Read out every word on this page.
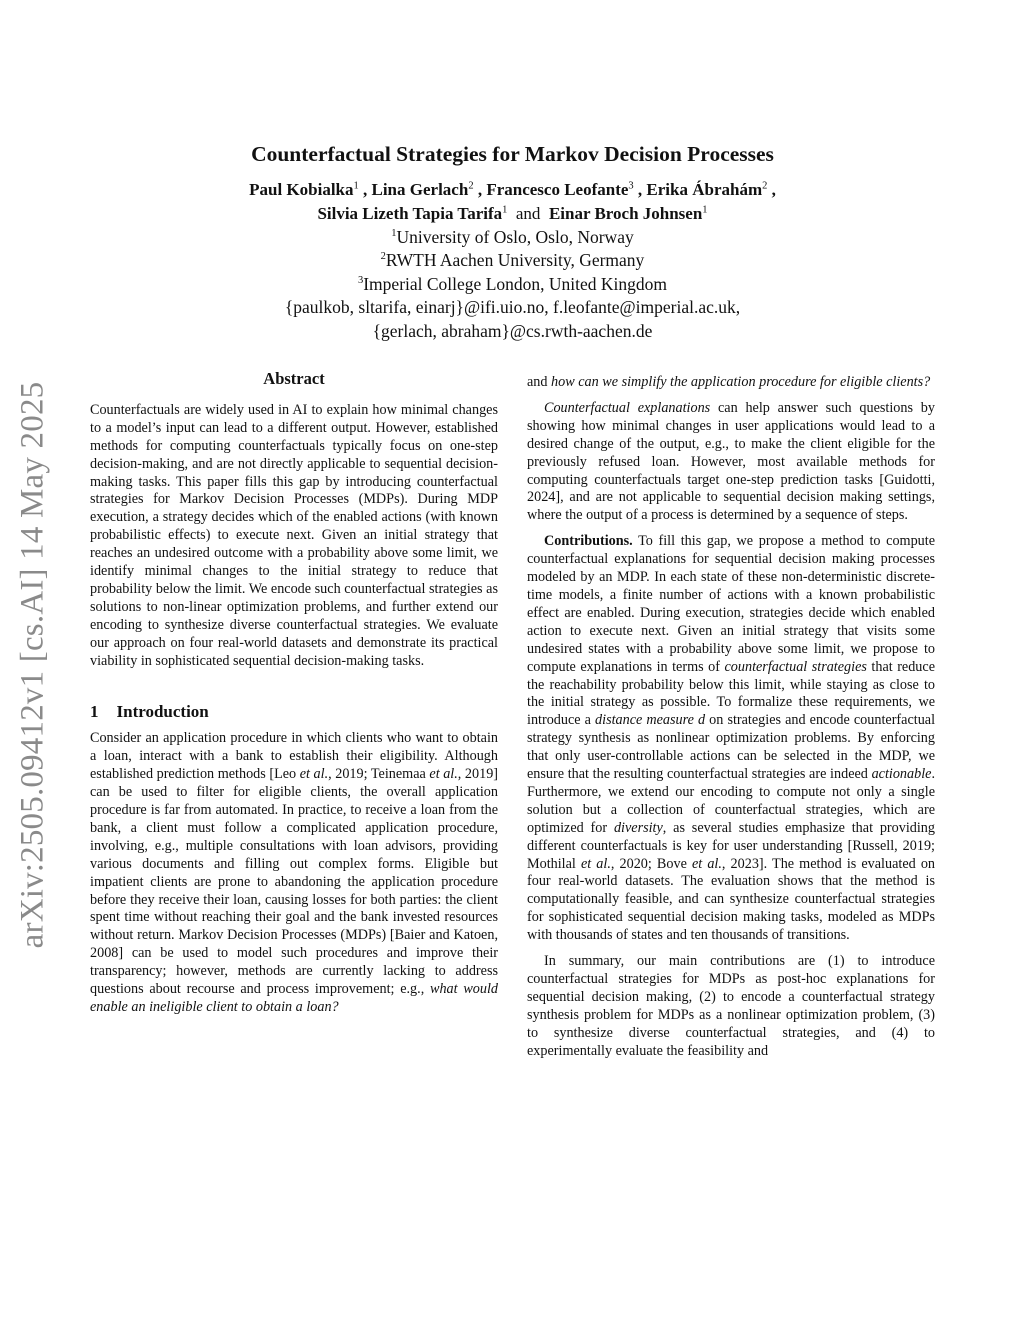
arXiv:2505.09412v1 [cs.AI] 14 May 2025
Counterfactual Strategies for Markov Decision Processes
Paul Kobialka$^1$ , Lina Gerlach$^2$ , Francesco Leofante$^3$ , Erika Ábrahám$^2$ ,
Silvia Lizeth Tapia Tarifa$^1$ and Einar Broch Johnsen$^1$
$^1$University of Oslo, Oslo, Norway
$^2$RWTH Aachen University, Germany
$^3$Imperial College London, United Kingdom
{paulkob, sltarifa, einarj}@ifi.uio.no, f.leofante@imperial.ac.uk,
{gerlach, abraham}@cs.rwth-aachen.de
Abstract

Counterfactuals are widely used in AI to explain how minimal changes to a model’s input can lead to a different output. However, established methods for computing counterfactuals typically focus on one-step decision-making, and are not directly applicable to sequential decision-making tasks. This paper fills this gap by introducing counterfactual strategies for Markov Decision Processes (MDPs). During MDP execution, a strategy decides which of the enabled actions (with known probabilistic effects) to execute next. Given an initial strategy that reaches an undesired outcome with a probability above some limit, we identify minimal changes to the initial strategy to reduce that probability below the limit. We encode such counterfactual strategies as solutions to non-linear optimization problems, and further extend our encoding to synthesize diverse counterfactual strategies. We evaluate our approach on four real-world datasets and demonstrate its practical viability in sophisticated sequential decision-making tasks.

1 Introduction

Consider an application procedure in which clients who want to obtain a loan, interact with a bank to establish their eligibility. Although established prediction methods [Leo et al., 2019; Teinemaa et al., 2019] can be used to filter for eligible clients, the overall application procedure is far from automated. In practice, to receive a loan from the bank, a client must follow a complicated application procedure, involving, e.g., multiple consultations with loan advisors, providing various documents and filling out complex forms. Eligible but impatient clients are prone to abandoning the application procedure before they receive their loan, causing losses for both parties: the client spent time without reaching their goal and the bank invested resources without return. Markov Decision Processes (MDPs) [Baier and Katoen, 2008] can be used to model such procedures and improve their transparency; however, methods are currently lacking to address questions about recourse and process improvement; e.g., what would enable an ineligible client to obtain a loan?

and how can we simplify the application procedure for eligible clients?

Counterfactual explanations can help answer such questions by showing how minimal changes in user applications would lead to a desired change of the output, e.g., to make the client eligible for the previously refused loan. However, most available methods for computing counterfactuals target one-step prediction tasks [Guidotti, 2024], and are not applicable to sequential decision making settings, where the output of a process is determined by a sequence of steps.

Contributions. To fill this gap, we propose a method to compute counterfactual explanations for sequential decision making processes modeled by an MDP. In each state of these non-deterministic discrete-time models, a finite number of actions with a known probabilistic effect are enabled. During execution, strategies decide which enabled action to execute next. Given an initial strategy that visits some undesired states with a probability above some limit, we propose to compute explanations in terms of counterfactual strategies that reduce the reachability probability below this limit, while staying as close to the initial strategy as possible. To formalize these requirements, we introduce a distance measure d on strategies and encode counterfactual strategy synthesis as nonlinear optimization problems. By enforcing that only user-controllable actions can be selected in the MDP, we ensure that the resulting counterfactual strategies are indeed actionable. Furthermore, we extend our encoding to compute not only a single solution but a collection of counterfactual strategies, which are optimized for diversity, as several studies emphasize that providing different counterfactuals is key for user understanding [Russell, 2019; Mothilal et al., 2020; Bove et al., 2023]. The method is evaluated on four real-world datasets. The evaluation shows that the method is computationally feasible, and can synthesize counterfactual strategies for sophisticated sequential decision making tasks, modeled as MDPs with thousands of states and ten thousands of transitions.

In summary, our main contributions are (1) to introduce counterfactual strategies for MDPs as post-hoc explanations for sequential decision making, (2) to encode a counterfactual strategy synthesis problem for MDPs as a nonlinear optimization problem, (3) to synthesize diverse counterfactual strategies, and (4) to experimentally evaluate the feasibility and
